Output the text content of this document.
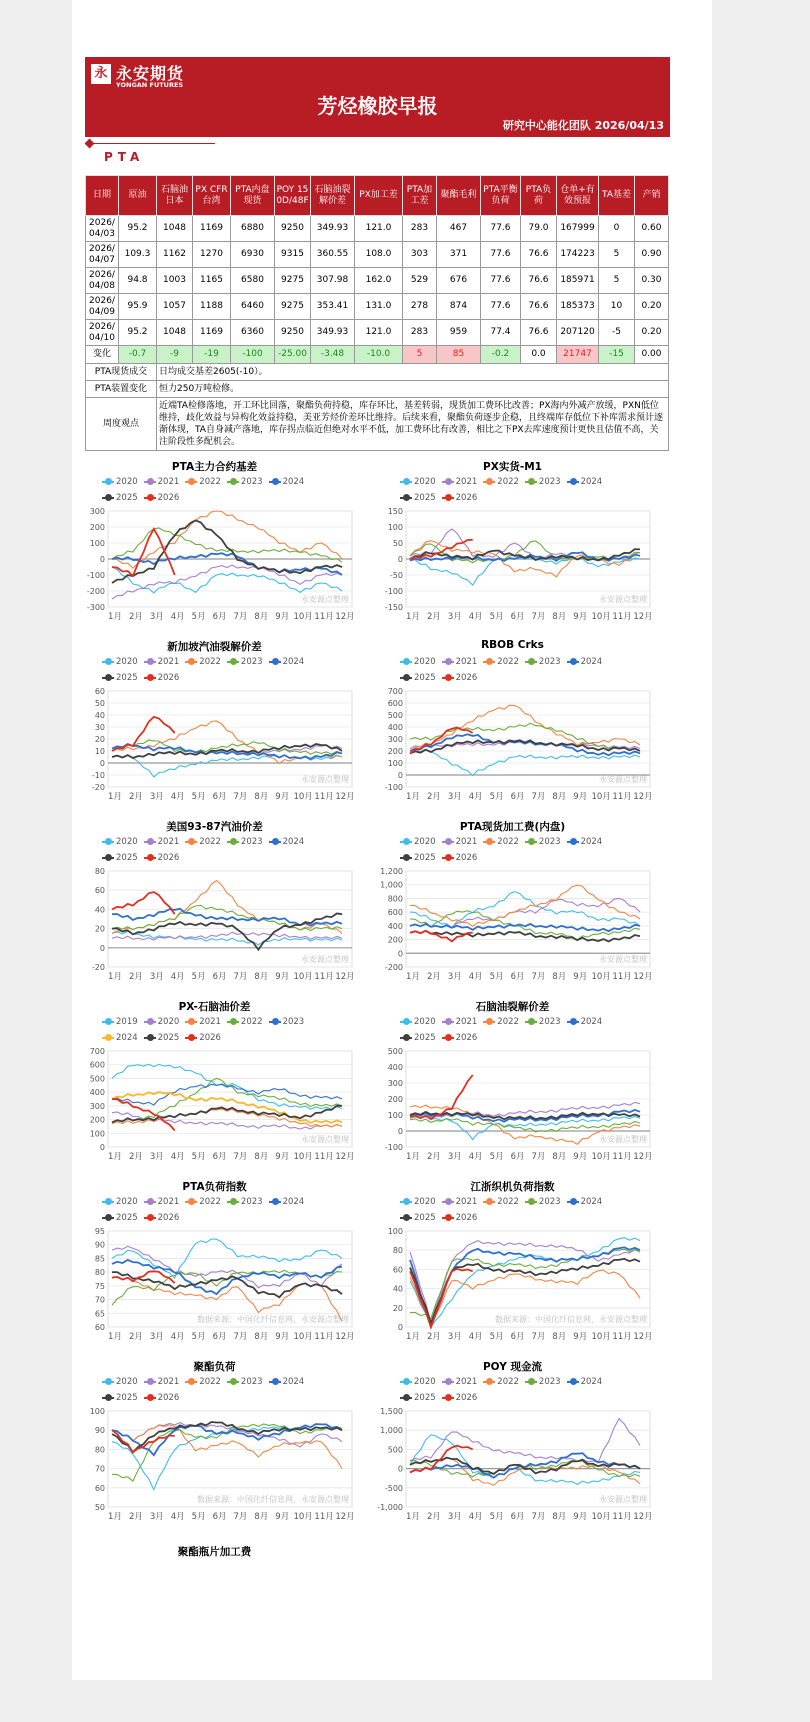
永 永安期货
YONGAN FUTURES
芳烃橡胶早报
研究中心能化团队 2026/04/13
PTA
日期	原油	石脑油日本	PX CFR台湾	PTA内盘现货	POY 150D/48F	石脑油裂解价差	PX加工差	PTA加工差	聚酯毛利	PTA平衡负荷	PTA负荷	仓单+有效预报	TA基差	产销
2026/04/03	95.2	1048	1169	6880	9250	349.93	121.0	283	467	77.6	79.0	167999	0	0.60
2026/04/07	109.3	1162	1270	6930	9315	360.55	108.0	303	371	77.6	76.6	174223	5	0.90
2026/04/08	94.8	1003	1165	6580	9275	307.98	162.0	529	676	77.6	76.6	185971	5	0.30
2026/04/09	95.9	1057	1188	6460	9275	353.41	131.0	278	874	77.6	76.6	185373	10	0.20
2026/04/10	95.2	1048	1169	6360	9250	349.93	121.0	283	959	77.4	76.6	207120	-5	0.20
变化	-0.7	-9	-19	-100	-25.00	-3.48	-10.0	5	85	-0.2	0.0	21747	-15	0.00
PTA现货成交		日均成交基差2605(-10）。												
PTA装置变化		恒力250万吨检修。												
周度观点		近端TA检修落地，开工环比回落，聚酯负荷持稳，库存环比，基差转弱，现货加工费环比改善；PX海内外减产放缓，PXN低位维持，歧化效益与异构化效益持稳，美亚芳烃价差环比维持。后续来看，聚酯负荷逐步企稳，且终端库存低位下补库需求预计逐渐体现，TA自身减产落地，库存拐点临近但绝对水平不低，加工费环比有改善，相比之下PX去库速度预计更快且估值不高，关注阶段性多配机会。												
-300
-200
-100
0
100
200
300
1月 2月 3月 4月 5月 6月 7月 8月 9月 10月 11月 12月
永安源点整理
PTA主力合约基差
2020 2021 2022 2023 2024
2025 2026
-150
-100
-50
0
50
100
150
1月 2月 3月 4月 5月 6月 7月 8月 9月 10月 11月 12月
永安源点整理
PX实货-M1
2020 2021 2022 2023 2024
2025 2026
-20
-10
0
10
20
30
40
50
60
1月 2月 3月 4月 5月 6月 7月 8月 9月 10月 11月 12月
永安源点整理
新加坡汽油裂解价差
2020 2021 2022 2023 2024
2025 2026
-100
0
100
200
300
400
500
600
700
1月 2月 3月 4月 5月 6月 7月 8月 9月 10月 11月 12月
永安源点整理
RBOB Crks
2020 2021 2022 2023 2024
2025 2026
-20
0
20
40
60
80
1月 2月 3月 4月 5月 6月 7月 8月 9月 10月 11月 12月
永安源点整理
美国93-87汽油价差
2020 2021 2022 2023 2024
2025 2026
-200
0
200
400
600
800
1,000
1,200
1月 2月 3月 4月 5月 6月 7月 8月 9月 10月 11月 12月
永安源点整理
PTA现货加工费(内盘)
2020 2021 2022 2023 2024
2025 2026
0
100
200
300
400
500
600
700
1月 2月 3月 4月 5月 6月 7月 8月 9月 10月 11月 12月
永安源点整理
PX-石脑油价差
2019 2020 2021 2022 2023
2024 2025 2026
-100
0
100
200
300
400
500
1月 2月 3月 4月 5月 6月 7月 8月 9月 10月 11月 12月
永安源点整理
石脑油裂解价差
2020 2021 2022 2023 2024
2025 2026
60
65
70
75
80
85
90
95
1月 2月 3月 4月 5月 6月 7月 8月 9月 10月 11月 12月
数据来源：中国化纤信息网，永安源点整理
PTA负荷指数
2020 2021 2022 2023 2024
2025 2026
0
20
40
60
80
100
1月 2月 3月 4月 5月 6月 7月 8月 9月 10月 11月 12月
数据来源：中国化纤信息网，永安源点整理
江浙织机负荷指数
2020 2021 2022 2023 2024
2025 2026
50
60
70
80
90
100
1月 2月 3月 4月 5月 6月 7月 8月 9月 10月 11月 12月
数据来源：中国化纤信息网，永安源点整理
聚酯负荷
2020 2021 2022 2023 2024
2025 2026
-1,000
-500
0
500
1,000
1,500
1月 2月 3月 4月 5月 6月 7月 8月 9月 10月 11月 12月
永安源点整理
POY 现金流
2020 2021 2022 2023 2024
2025 2026
聚酯瓶片加工费
